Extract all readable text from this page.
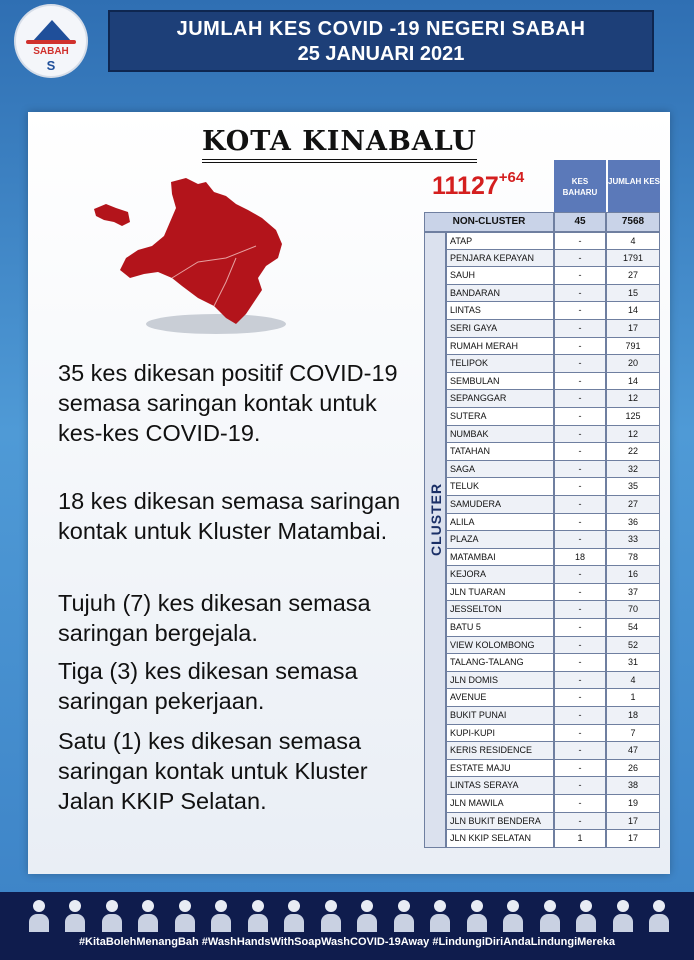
SABAH
S
JUMLAH KES COVID -19 NEGERI SABAH
25 JANUARI 2021
KOTA KINABALU
35 kes dikesan positif COVID-19 semasa saringan kontak untuk kes-kes COVID-19.
18 kes dikesan semasa saringan kontak untuk Kluster Matambai.
Tujuh (7) kes dikesan semasa saringan bergejala.
Tiga (3) kes dikesan semasa saringan pekerjaan.
Satu (1) kes dikesan semasa saringan kontak untuk Kluster Jalan KKIP Selatan.
$11127^{+64}$	KES BAHARU
JUMLAH KES
NON-CLUSTER	45	7568
CLUSTER
ATAP	-	4
PENJARA KEPAYAN	-	1791
SAUH	-	27
BANDARAN	-	15
LINTAS	-	14
SERI GAYA	-	17
RUMAH MERAH	-	791
TELIPOK	-	20
SEMBULAN	-	14
SEPANGGAR	-	12
SUTERA	-	125
NUMBAK	-	12
TATAHAN	-	22
SAGA	-	32
TELUK	-	35
SAMUDERA	-	27
ALILA	-	36
PLAZA	-	33
MATAMBAI	18	78
KEJORA	-	16
JLN TUARAN	-	37
JESSELTON	-	70
BATU 5	-	54
VIEW KOLOMBONG	-	52
TALANG-TALANG	-	31
JLN DOMIS	-	4
AVENUE	-	1
BUKIT PUNAI	-	18
KUPI-KUPI	-	7
KERIS RESIDENCE	-	47
ESTATE MAJU	-	26
LINTAS SERAYA	-	38
JLN MAWILA	-	19
JLN BUKIT BENDERA	-	17
JLN KKIP SELATAN	1	17
#KitaBolehMenangBah #WashHandsWithSoapWashCOVID-19Away #LindungiDiriAndaLindungiMereka
